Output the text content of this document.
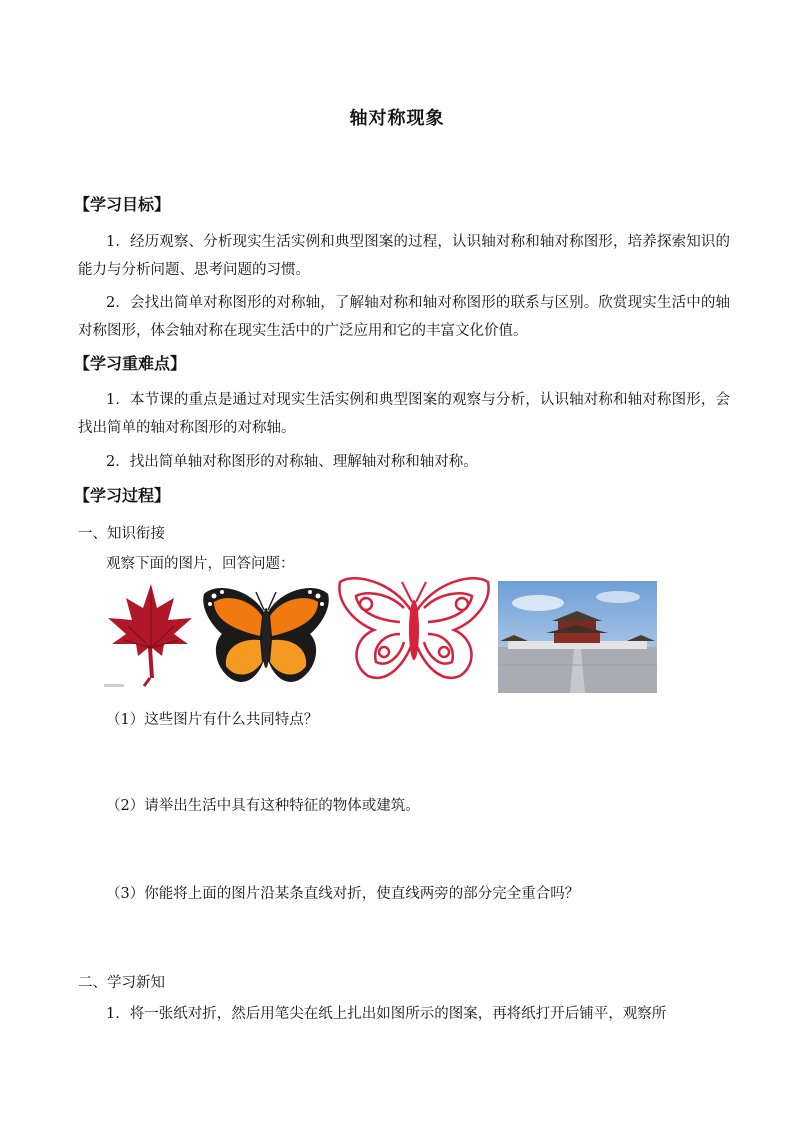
轴对称现象
【学习目标】
1．经历观察、分析现实生活实例和典型图案的过程，认识轴对称和轴对称图形，培养探索知识的能力与分析问题、思考问题的习惯。
2．会找出简单对称图形的对称轴，了解轴对称和轴对称图形的联系与区别。欣赏现实生活中的轴对称图形，体会轴对称在现实生活中的广泛应用和它的丰富文化价值。
【学习重难点】
1．本节课的重点是通过对现实生活实例和典型图案的观察与分析，认识轴对称和轴对称图形，会找出简单的轴对称图形的对称轴。
2．找出简单轴对称图形的对称轴、理解轴对称和轴对称。
【学习过程】
一、知识衔接
观察下面的图片，回答问题：
（1）这些图片有什么共同特点？
（2）请举出生活中具有这种特征的物体或建筑。
（3）你能将上面的图片沿某条直线对折，使直线两旁的部分完全重合吗？
二、学习新知
1．将一张纸对折，然后用笔尖在纸上扎出如图所示的图案，再将纸打开后铺平，观察所
